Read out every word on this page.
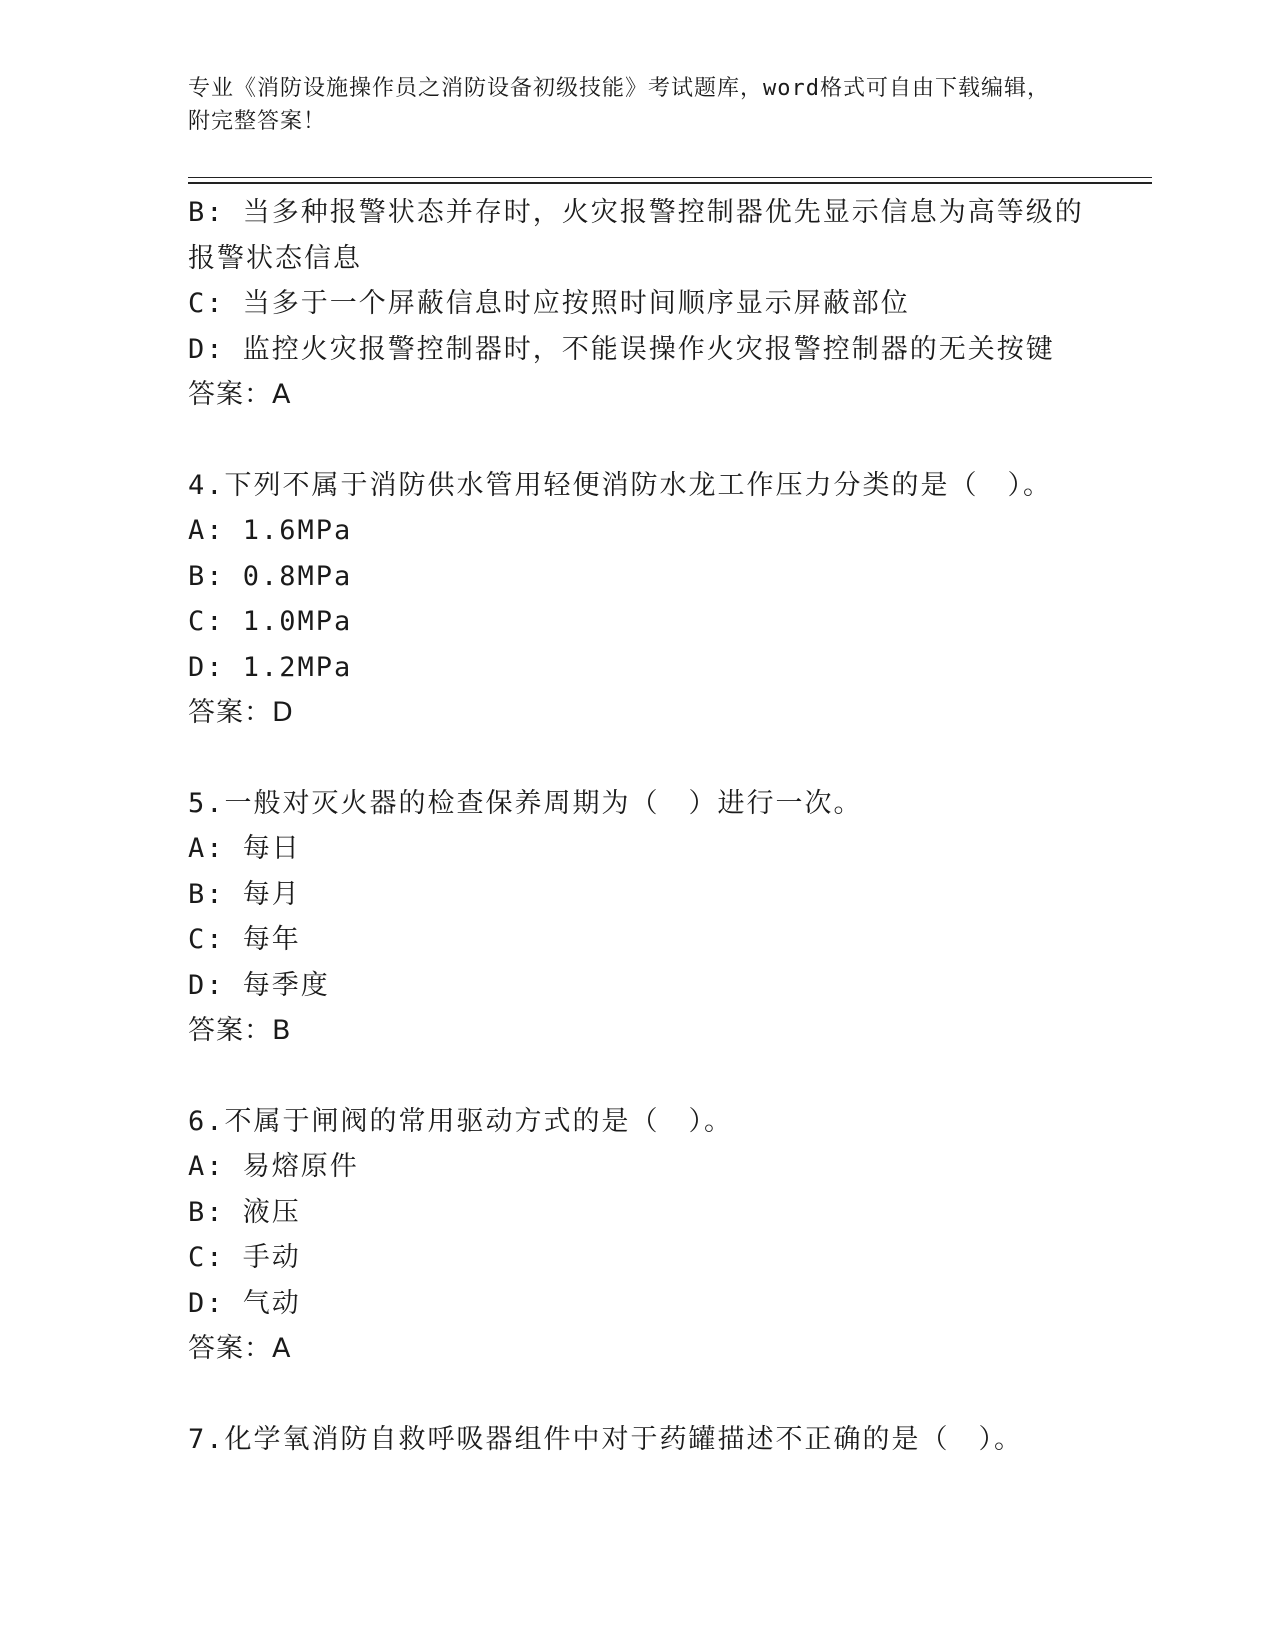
专业《消防设施操作员之消防设备初级技能》考试题库，word格式可自由下载编辑，附完整答案！
B: 当多种报警状态并存时，火灾报警控制器优先显示信息为高等级的
报警状态信息
C: 当多于一个屏蔽信息时应按照时间顺序显示屏蔽部位
D: 监控火灾报警控制器时，不能误操作火灾报警控制器的无关按键
答案：A
4.下列不属于消防供水管用轻便消防水龙工作压力分类的是（　）。
A: 1.6MPa
B: 0.8MPa
C: 1.0MPa
D: 1.2MPa
答案：D
5.一般对灭火器的检查保养周期为（　）进行一次。
A: 每日
B: 每月
C: 每年
D: 每季度
答案：B
6.不属于闸阀的常用驱动方式的是（　）。
A: 易熔原件
B: 液压
C: 手动
D: 气动
答案：A
7.化学氧消防自救呼吸器组件中对于药罐描述不正确的是（　）。
